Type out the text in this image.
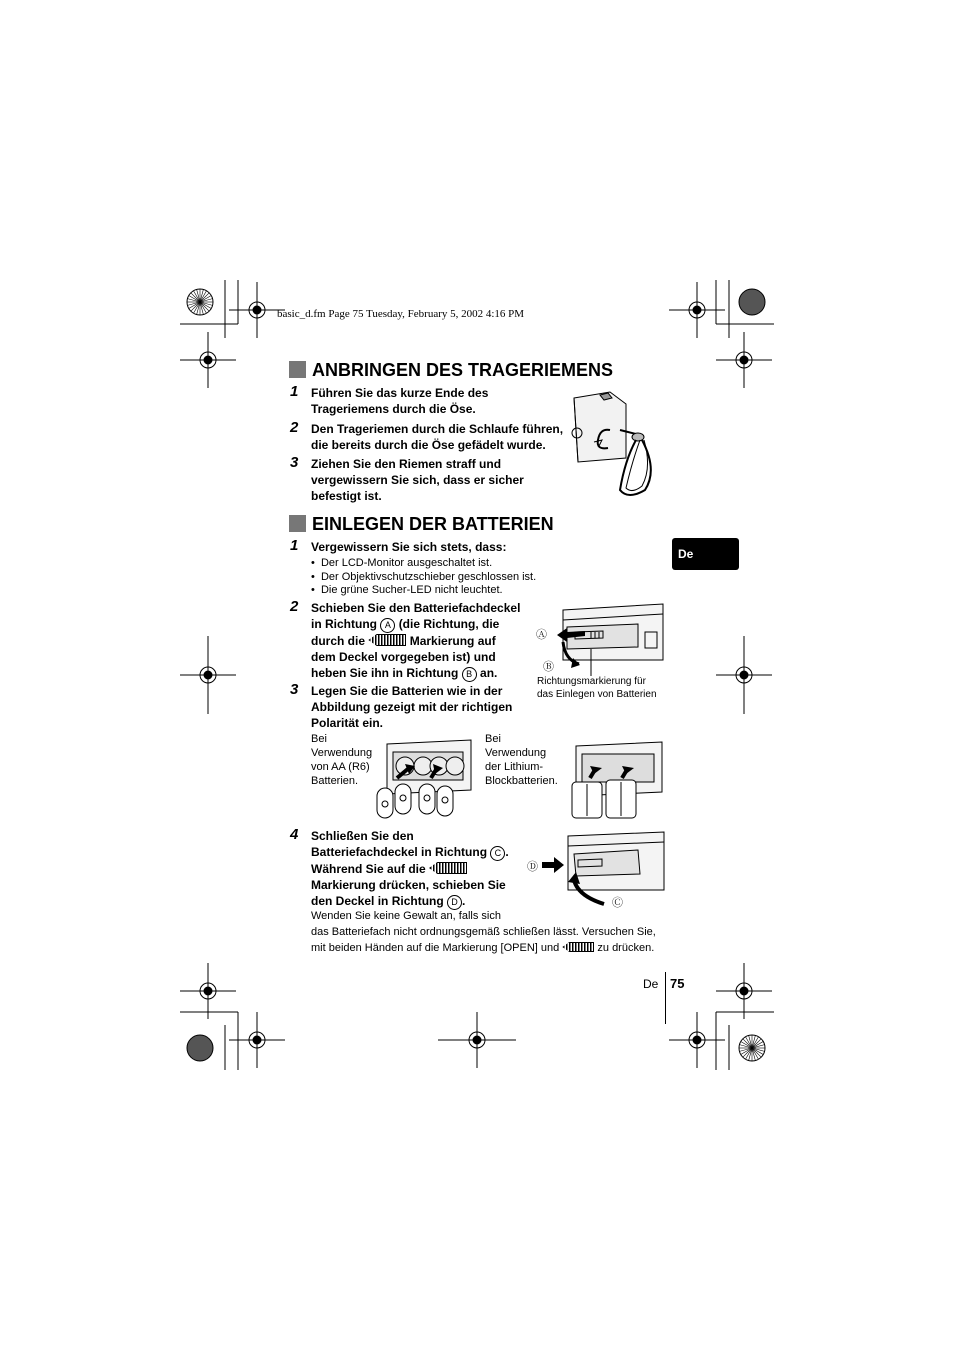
basic_d.fm Page 75 Tuesday, February 5, 2002 4:16 PM
De
ANBRINGEN DES TRAGERIEMENS
1 Führen Sie das kurze Ende des
Trageriemens durch die Öse.
2 Den Trageriemen durch die Schlaufe führen,
die bereits durch die Öse gefädelt wurde.
3 Ziehen Sie den Riemen straff und
vergewissern Sie sich, dass er sicher
befestigt ist.
EINLEGEN DER BATTERIEN
1 Vergewissern Sie sich stets, dass:
•  Der LCD-Monitor ausgeschaltet ist.
•  Der Objektivschutzschieber geschlossen ist.
•  Die grüne Sucher-LED nicht leuchtet.
2 Schieben Sie den Batteriefachdeckel
in Richtung A (die Richtung, die
durch die	Markierung auf
dem Deckel vorgegeben ist) und
heben Sie ihn in Richtung B an.
Ⓐ
Ⓑ
Richtungsmarkierung für
das Einlegen von Batterien
3 Legen Sie die Batterien wie in der
Abbildung gezeigt mit der richtigen
Polarität ein.
Bei
Verwendung
von AA (R6)
Batterien.
Bei
Verwendung
der Lithium-
Blockbatterien.
4 Schließen Sie den
Batteriefachdeckel in Richtung C .
Während Sie auf die
Markierung drücken, schieben Sie
den Deckel in Richtung D .
Ⓓ
Ⓒ
Wenden Sie keine Gewalt an, falls sich
das Batteriefach nicht ordnungsgemäß schließen lässt. Versuchen Sie,
mit beiden Händen auf die Markierung [OPEN] und	zu drücken.
De 75
